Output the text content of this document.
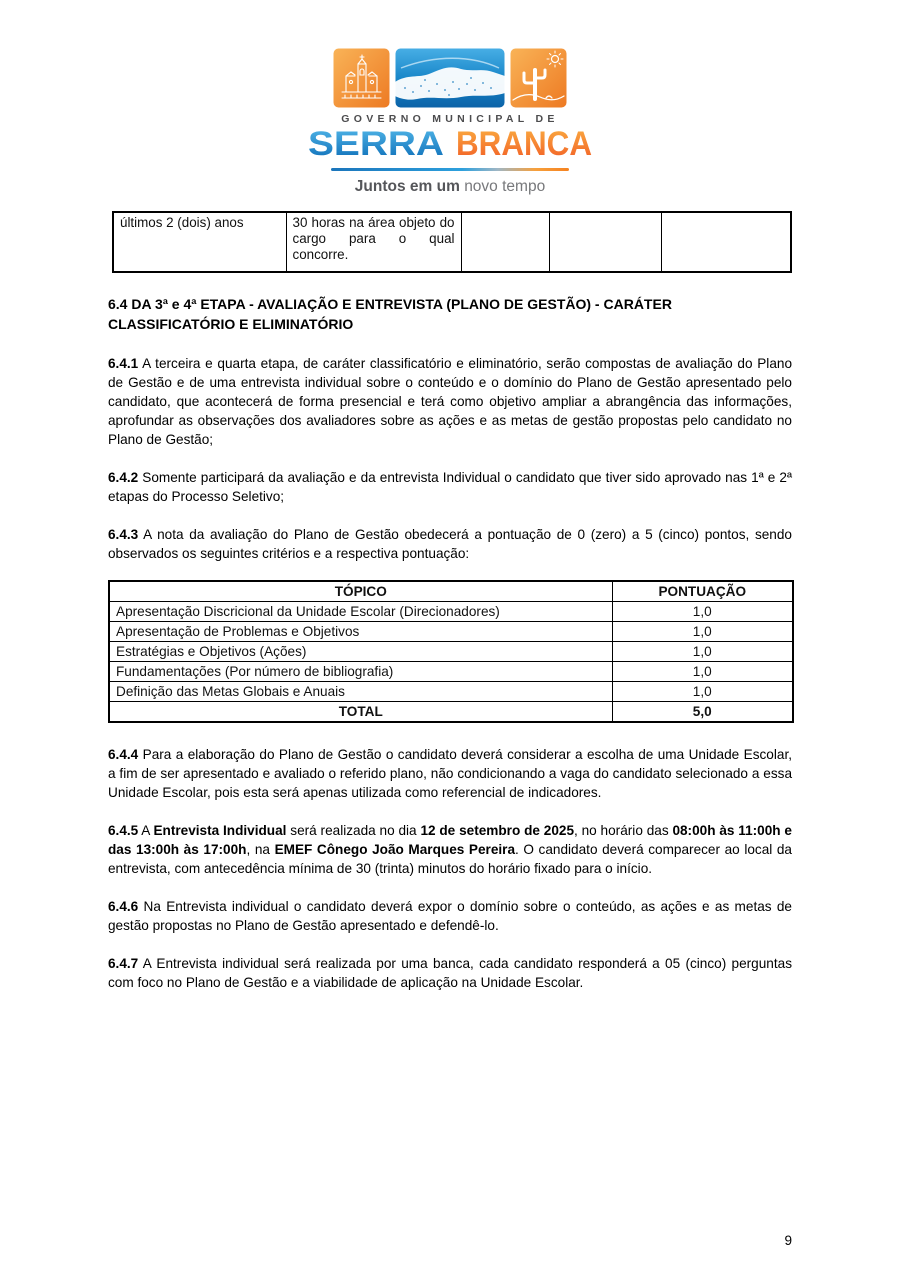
GOVERNO MUNICIPAL DE
SERRA BRANCA
Juntos em um novo tempo
últimos 2 (dois) anos	30 horas na área objeto do cargo para o qual concorre.			
6.4 DA 3ª e 4ª ETAPA - AVALIAÇÃO E ENTREVISTA (PLANO DE GESTÃO) - CARÁTER CLASSIFICATÓRIO E ELIMINATÓRIO

6.4.1 A terceira e quarta etapa, de caráter classificatório e eliminatório, serão compostas de avaliação do Plano de Gestão e de uma entrevista individual sobre o conteúdo e o domínio do Plano de Gestão apresentado pelo candidato, que acontecerá de forma presencial e terá como objetivo ampliar a abrangência das informações, aprofundar as observações dos avaliadores sobre as ações e as metas de gestão propostas pelo candidato no Plano de Gestão;

6.4.2 Somente participará da avaliação e da entrevista Individual o candidato que tiver sido aprovado nas 1ª e 2ª etapas do Processo Seletivo;

6.4.3 A nota da avaliação do Plano de Gestão obedecerá a pontuação de 0 (zero) a 5 (cinco) pontos, sendo observados os seguintes critérios e a respectiva pontuação:

TÓPICO	PONTUAÇÃO
Apresentação Discricional da Unidade Escolar (Direcionadores)	1,0
Apresentação de Problemas e Objetivos	1,0
Estratégias e Objetivos (Ações)	1,0
Fundamentações (Por número de bibliografia)	1,0
Definição das Metas Globais e Anuais	1,0
TOTAL	5,0

6.4.4 Para a elaboração do Plano de Gestão o candidato deverá considerar a escolha de uma Unidade Escolar, a fim de ser apresentado e avaliado o referido plano, não condicionando a vaga do candidato selecionado a essa Unidade Escolar, pois esta será apenas utilizada como referencial de indicadores.

6.4.5 A Entrevista Individual será realizada no dia 12 de setembro de 2025, no horário das 08:00h às 11:00h e das 13:00h às 17:00h, na EMEF Cônego João Marques Pereira. O candidato deverá comparecer ao local da entrevista, com antecedência mínima de 30 (trinta) minutos do horário fixado para o início.

6.4.6 Na Entrevista individual o candidato deverá expor o domínio sobre o conteúdo, as ações e as metas de gestão propostas no Plano de Gestão apresentado e defendê-lo.

6.4.7 A Entrevista individual será realizada por uma banca, cada candidato responderá a 05 (cinco) perguntas com foco no Plano de Gestão e a viabilidade de aplicação na Unidade Escolar.

9
